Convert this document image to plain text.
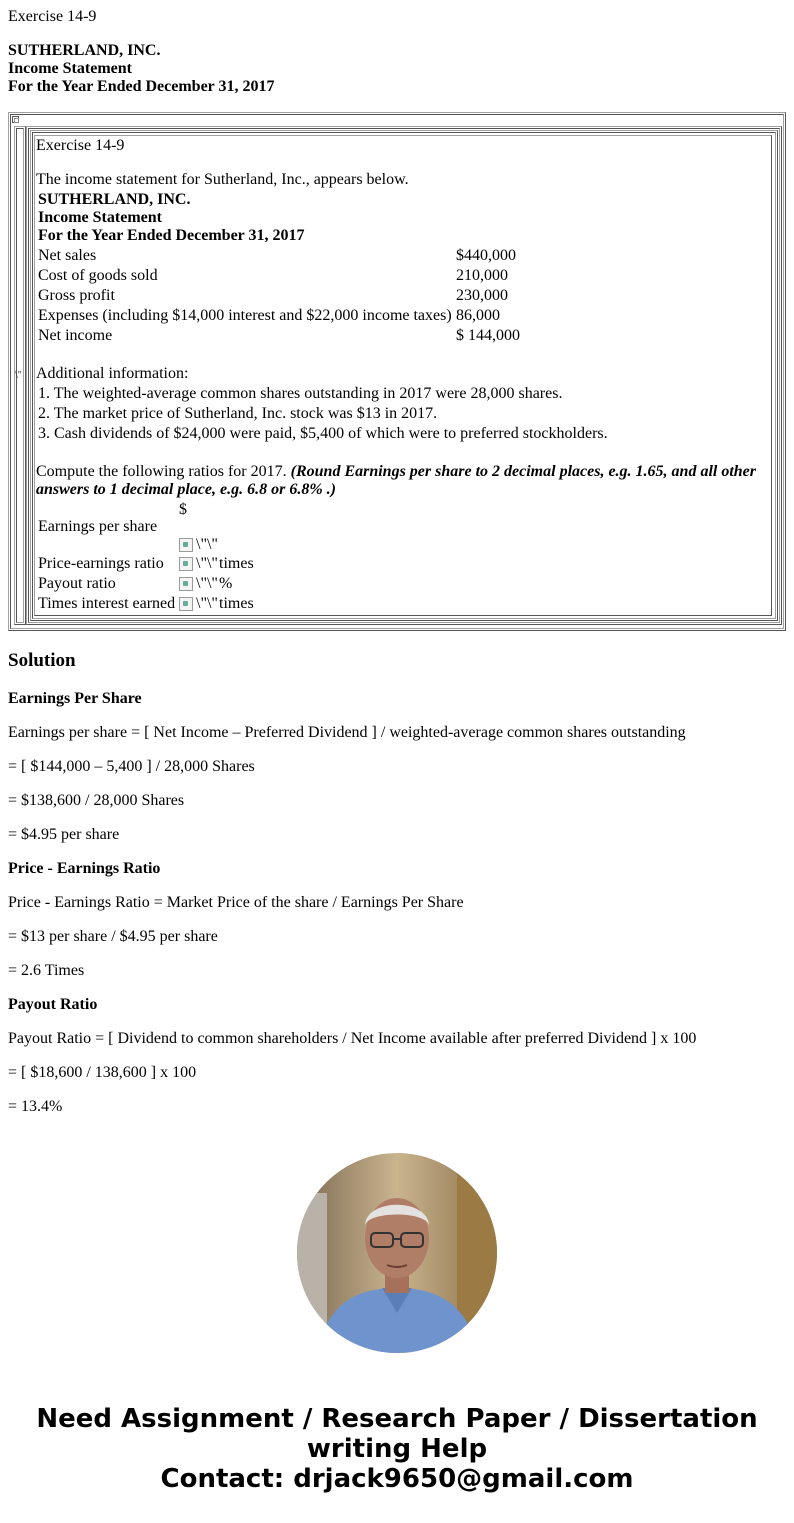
Exercise 14-9
SUTHERLAND, INC.
Income Statement
For the Year Ended December 31, 2017
\"
Exercise 14-9
The income statement for Sutherland, Inc., appears below.
SUTHERLAND, INC.
Income Statement
For the Year Ended December 31, 2017
Net sales	$440,000
Cost of goods sold	210,000
Gross profit	230,000
Expenses (including $14,000 interest and $22,000 income taxes) 86,000
Net income	$ 144,000
Additional information:
1. The weighted-average common shares outstanding in 2017 were 28,000 shares.
2. The market price of Sutherland, Inc. stock was $13 in 2017.
3. Cash dividends of $24,000 were paid, $5,400 of which were to preferred stockholders.
Compute the following ratios for 2017. (Round Earnings per share to 2 decimal places, e.g. 1.65, and all other
answers to 1 decimal place, e.g. 6.8 or 6.8% .)
Earnings per share
$
\"\"
Price-earnings ratio	\"\" times
Payout ratio	\"\" %
Times interest earned	\"\" times
Solution
Earnings Per Share
Earnings per share = [ Net Income – Preferred Dividend ] / weighted-average common shares outstanding
= [ $144,000 – 5,400 ] / 28,000 Shares
= $138,600 / 28,000 Shares
= $4.95 per share
Price - Earnings Ratio
Price - Earnings Ratio = Market Price of the share / Earnings Per Share
= $13 per share / $4.95 per share
= 2.6 Times
Payout Ratio
Payout Ratio = [ Dividend to common shareholders / Net Income available after preferred Dividend ] x 100
= [ $18,600 / 138,600 ] x 100
= 13.4%
Need Assignment / Research Paper / Dissertation
writing Help
Contact: drjack9650@gmail.com
